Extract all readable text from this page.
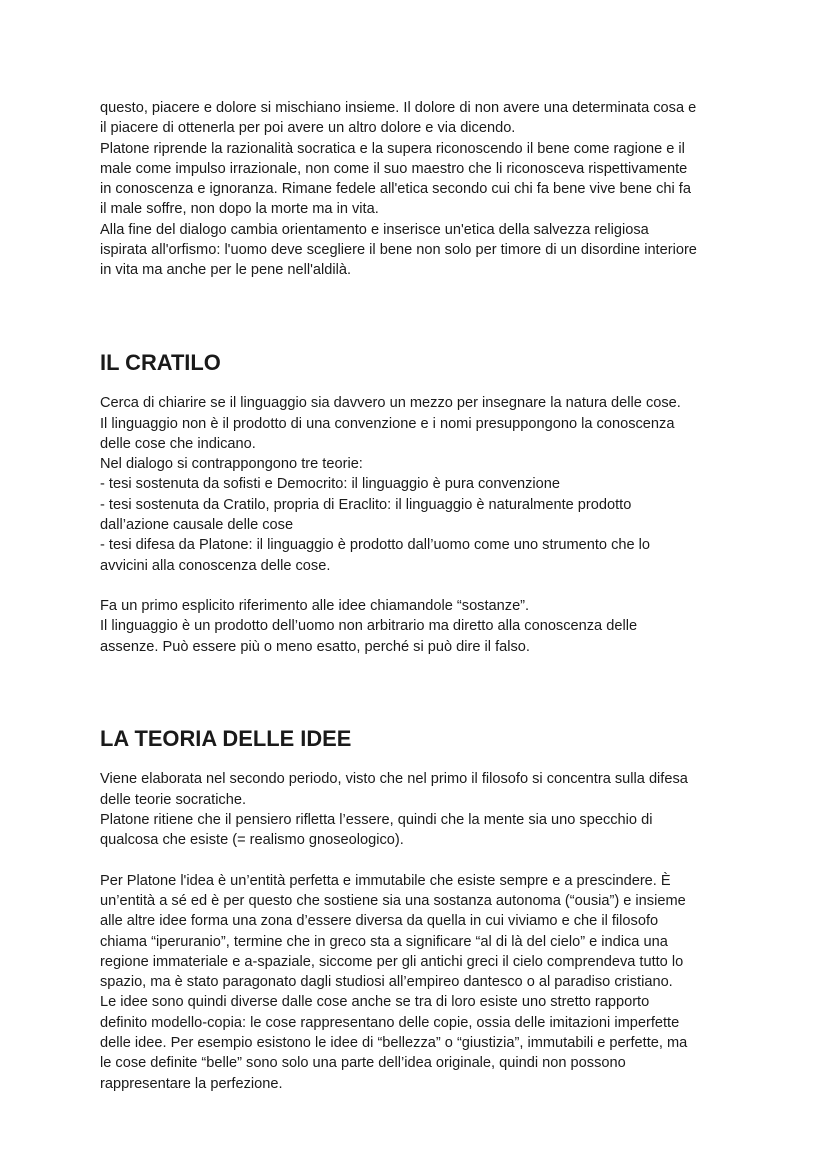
questo, piacere e dolore si mischiano insieme. Il dolore di non avere una determinata cosa e
il piacere di ottenerla per poi avere un altro dolore e via dicendo.
Platone riprende la razionalità socratica e la supera riconoscendo il bene come ragione e il
male come impulso irrazionale, non come il suo maestro che li riconosceva rispettivamente
in conoscenza e ignoranza. Rimane fedele all'etica secondo cui chi fa bene vive bene chi fa
il male soffre, non dopo la morte ma in vita.
Alla fine del dialogo cambia orientamento e inserisce un'etica della salvezza religiosa
ispirata all'orfismo: l'uomo deve scegliere il bene non solo per timore di un disordine interiore
in vita ma anche per le pene nell'aldilà.

IL CRATILO

Cerca di chiarire se il linguaggio sia davvero un mezzo per insegnare la natura delle cose.
Il linguaggio non è il prodotto di una convenzione e i nomi presuppongono la conoscenza
delle cose che indicano.
Nel dialogo si contrappongono tre teorie:
- tesi sostenuta da sofisti e Democrito: il linguaggio è pura convenzione
- tesi sostenuta da Cratilo, propria di Eraclito: il linguaggio è naturalmente prodotto
dall’azione causale delle cose
- tesi difesa da Platone: il linguaggio è prodotto dall’uomo come uno strumento che lo
avvicini alla conoscenza delle cose.

Fa un primo esplicito riferimento alle idee chiamandole “sostanze”.
Il linguaggio è un prodotto dell’uomo non arbitrario ma diretto alla conoscenza delle
assenze. Può essere più o meno esatto, perché si può dire il falso.

LA TEORIA DELLE IDEE

Viene elaborata nel secondo periodo, visto che nel primo il filosofo si concentra sulla difesa
delle teorie socratiche.
Platone ritiene che il pensiero rifletta l’essere, quindi che la mente sia uno specchio di
qualcosa che esiste (= realismo gnoseologico).

Per Platone l'idea è un’entità perfetta e immutabile che esiste sempre e a prescindere. È
un’entità a sé ed è per questo che sostiene sia una sostanza autonoma (“ousia”) e insieme
alle altre idee forma una zona d’essere diversa da quella in cui viviamo e che il filosofo
chiama “iperuranio”, termine che in greco sta a significare “al di là del cielo” e indica una
regione immateriale e a-spaziale, siccome per gli antichi greci il cielo comprendeva tutto lo
spazio, ma è stato paragonato dagli studiosi all’empireo dantesco o al paradiso cristiano.
Le idee sono quindi diverse dalle cose anche se tra di loro esiste uno stretto rapporto
definito modello-copia: le cose rappresentano delle copie, ossia delle imitazioni imperfette
delle idee. Per esempio esistono le idee di “bellezza” o “giustizia”, immutabili e perfette, ma
le cose definite “belle” sono solo una parte dell’idea originale, quindi non possono
rappresentare la perfezione.
